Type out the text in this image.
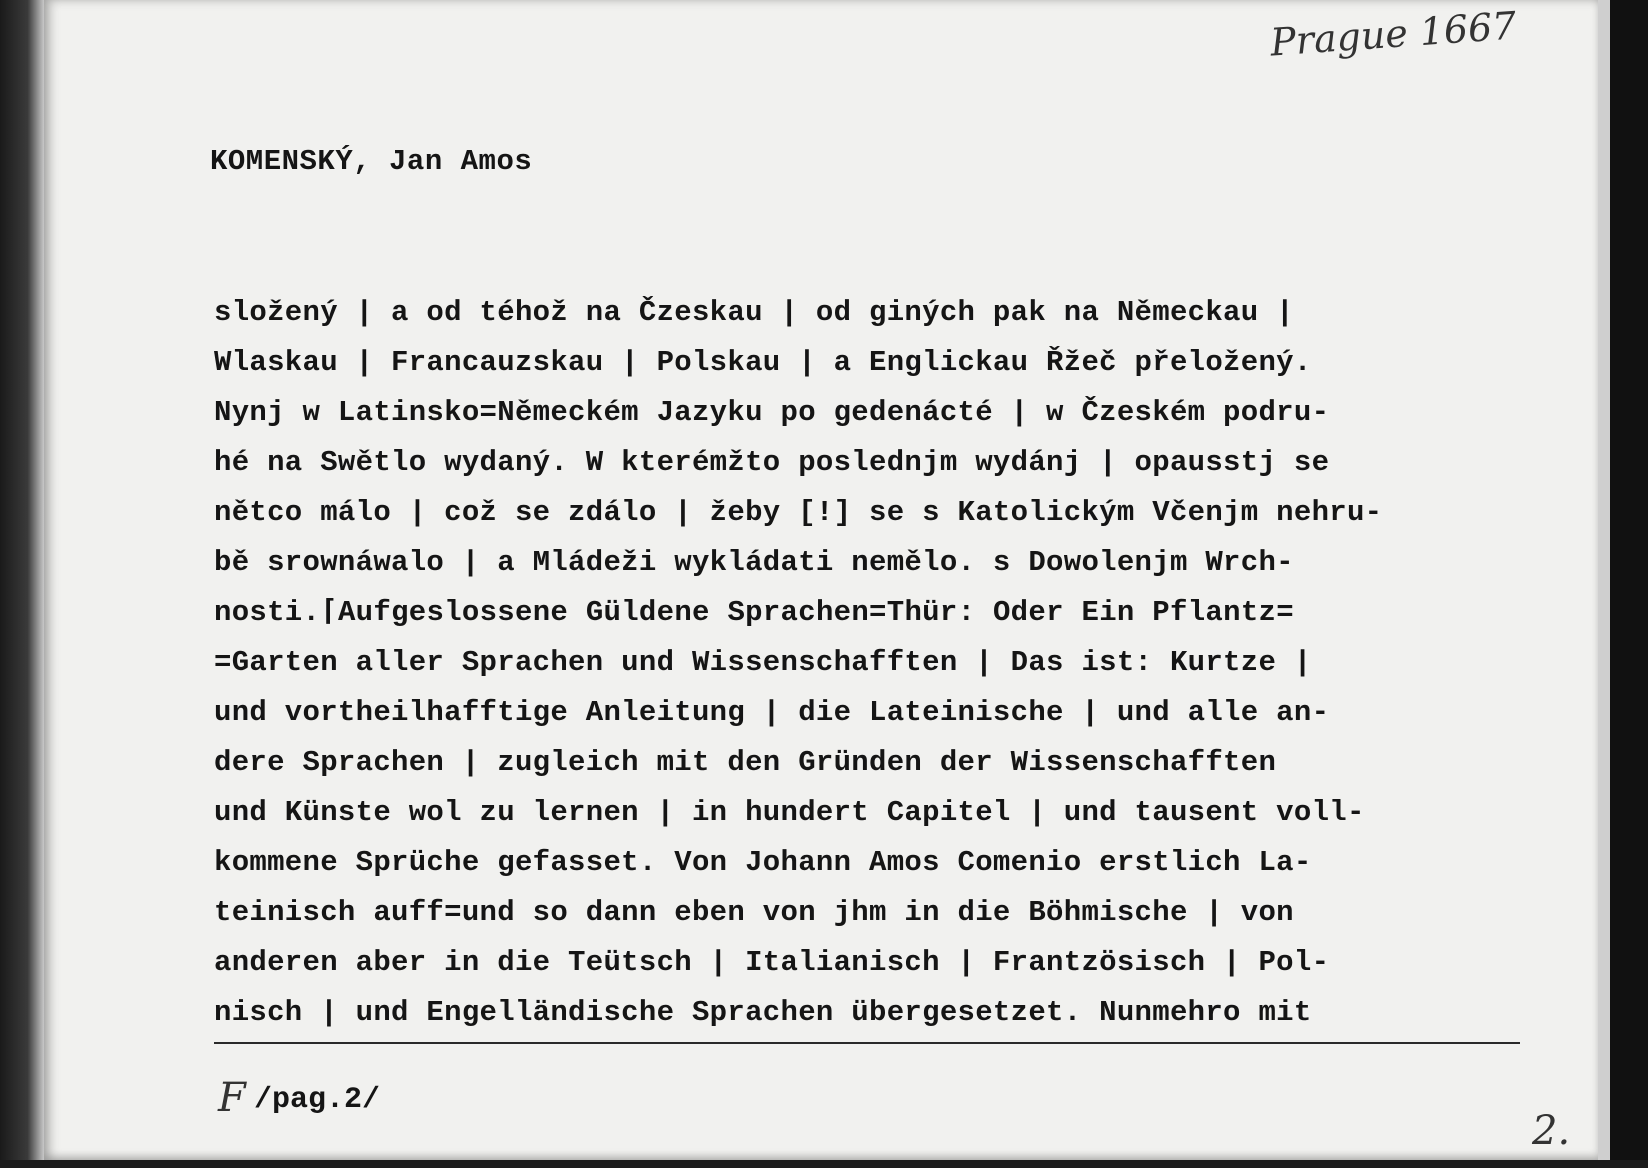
Prague 1667
KOMENSKÝ, Jan Amos
složený | a od téhož na Čzeskau | od giných pak na Německau |
Wlaskau | Francauzskau | Polskau | a Englickau Řžeč přeložený.
Nynj w Latinsko=Německém Jazyku po gedenácté | w Čzeském podru-
hé na Swětlo wydaný. W kterémžto poslednjm wydánj | opausstj se
nětco málo | což se zdálo | žeby [!] se s Katolickým Včenjm nehru-
bě srownáwalo | a Mládeži wykládati nemělo. s Dowolenjm Wrch-
nosti.⌈Aufgeslossene Güldene Sprachen=Thür: Oder Ein Pflantz=
=Garten aller Sprachen und Wissenschafften | Das ist: Kurtze |
und vortheilhafftige Anleitung | die Lateinische | und alle an-
dere Sprachen | zugleich mit den Gründen der Wissenschafften
und Künste wol zu lernen | in hundert Capitel | und tausent voll-
kommene Sprüche gefasset. Von Johann Amos Comenio erstlich La-
teinisch auff=und so dann eben von jhm in die Böhmische | von
anderen aber in die Teütsch | Italianisch | Frantzösisch | Pol-
nisch | und Engelländische Sprachen übergesetzet. Nunmehro mit
F /pag.2/
2.
